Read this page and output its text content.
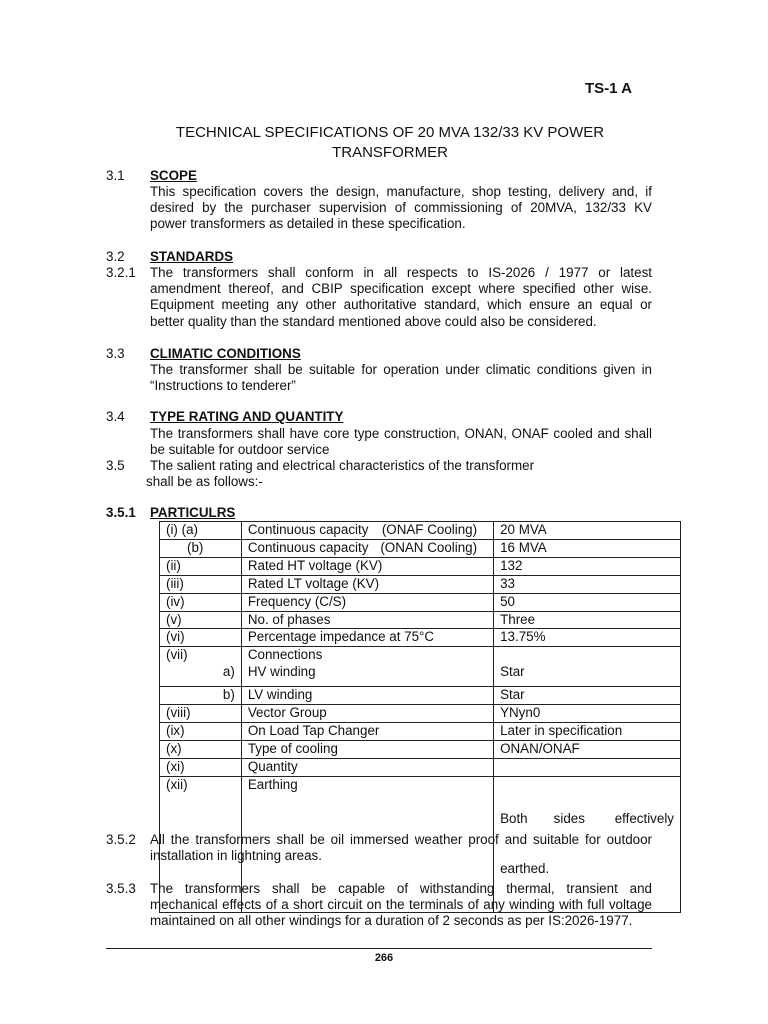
TS-1 A
TECHNICAL SPECIFICATIONS OF 20 MVA 132/33 KV POWER
TRANSFORMER
3.1 SCOPE
This specification covers the design, manufacture, shop testing, delivery and, if
desired by the purchaser supervision of commissioning of 20MVA, 132/33 KV
power transformers as detailed in these specification.
3.2 STANDARDS
3.2.1 The transformers shall conform in all respects to IS-2026 / 1977 or latest
amendment thereof, and CBIP specification except where specified other wise.
Equipment meeting any other authoritative standard, which ensure an equal or
better quality than the standard mentioned above could also be considered.
3.3 CLIMATIC CONDITIONS
The transformer shall be suitable for operation under climatic conditions given in
“Instructions to tenderer”
3.4 TYPE RATING AND QUANTITY
The transformers shall have core type construction, ONAN, ONAF cooled and shall
be suitable for outdoor service
3.5 The salient rating and electrical characteristics of the transformer
shall be as follows:-
3.5.1 PARTICULRS
(i) (a)	Continuous capacity (ONAF Cooling)	20 MVA
(b)	Continuous capacity (ONAN Cooling)	16 MVA
(ii)	Rated HT voltage (KV)	132
(iii)	Rated LT voltage (KV)	33
(iv)	Frequency (C/S)	50
(v)	No. of phases	Three
(vi)	Percentage impedance at 75°C	13.75%
(vii)	Connections	
a)	HV winding	Star
b)	LV winding	Star
(viii)	Vector Group	YNyn0
(ix)	On Load Tap Changer	Later in specification
(x)	Type of cooling	ONAN/ONAF
(xi)	Quantity	
(xii)	Earthing	Both       sides        effectively

earthed.

3.5.2 All the transformers shall be oil immersed weather proof and suitable for outdoor
installation in lightning areas.
3.5.3 The transformers shall be capable of withstanding thermal, transient and
mechanical effects of a short circuit on the terminals of any winding with full voltage
maintained on all other windings for a duration of 2 seconds as per IS:2026-1977.
266
